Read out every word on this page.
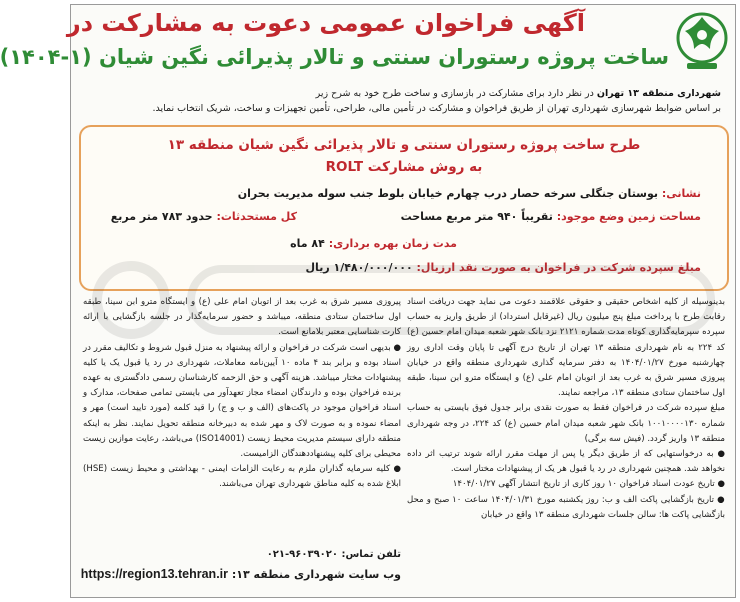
آگهی فراخوان عمومی دعوت به مشارکت در
ساخت پروژه رستوران سنتی و تالار پذیرائی نگین شیان (۱-۱۴۰۴)
شهرداری منطقه ۱۳ تهران در نظر دارد برای مشارکت در بازسازی و ساخت طرح خود به شرح زیر
بر اساس ضوابط شهرسازی شهرداری تهران از طریق فراخوان و مشارکت در تأمین مالی، طراحی، تأمین تجهیزات و ساخت، شریک انتخاب نماید.
طرح ساخت پروژه رستوران سنتی و تالار پذیرائی نگین شیان منطقه ۱۳
به روش مشارکت ROLT
نشانی: بوستان جنگلی سرخه حصار درب چهارم خیابان بلوط جنب سوله مدیریت بحران
مساحت زمین وضع موجود: تقریباً ۹۴۰ متر مربع مساحت
کل مستحدثات: حدود ۷۸۳ متر مربع
مدت زمان بهره برداری: ۸۴ ماه
مبلغ سپرده شرکت در فراخوان به صورت نقد ارزیال: ۱/۴۸۰/۰۰۰/۰۰۰ ریال

بدینوسیله از کلیه اشخاص حقیقی و حقوقی علاقمند دعوت می نماید جهت دریافت اسناد رقابت طرح با پرداخت مبلغ پنج میلیون ریال (غیرقابل استرداد) از طریق واریز به حساب سپرده سپرمایه‌گذاری کوتاه مدت شماره ۲۱۲۱ نزد بانک شهر شعبه میدان امام حسین (ع) کد ۲۲۴ به نام شهرداری منطقه ۱۳ تهران از تاریخ درج آگهی تا پایان وقت اداری روز چهارشنبه مورخ ۱۴۰۴/۰۱/۲۷ به دفتر سرمایه گذاری شهرداری منطقه واقع در خیابان پیروزی مسیر شرق به غرب بعد از اتوبان امام علی (ع) و ایستگاه مترو ابن سینا، طبقه اول ساختمان ستادی منطقه ۱۳، مراجعه نمایند.

مبلغ سپرده شرکت در فراخوان فقط به صورت نقدی برابر جدول فوق بایستی به حساب شماره ۱۰۰۱۰۰۰۰۱۳۰ بانک شهر شعبه میدان امام حسین (ع) کد ۲۲۴، در وجه شهرداری منطقه ۱۳ واریز گردد. (فیش سه برگی)

● به درخواستهایی که از طریق دیگر یا پس از مهلت مقرر ارائه شوند ترتیب اثر داده نخواهد شد. همچنین شهرداری در رد یا قبول هر یک از پیشنهادات مختار است.

● تاریخ عودت اسناد فراخوان ۱۰ روز کاری از تاریخ انتشار آگهی ۱۴۰۴/۰۱/۲۷

● تاریخ بازگشایی پاکت الف و ب: روز یکشنبه مورخ ۱۴۰۴/۰۱/۳۱ ساعت ۱۰ صبح و محل بازگشایی پاکت ها: سالن جلسات شهرداری منطقه ۱۳ واقع در خیابان

پیروزی مسیر شرق به غرب بعد از اتوبان امام علی (ع) و ایستگاه مترو ابن سینا، طبقه اول ساختمان ستادی منطقه، میباشد و حضور سرمایه‌گذار در جلسه بازگشایی با ارائه کارت شناسایی معتبر بلامانع است.

● بدیهی است شرکت در فراخوان و ارائه پیشنهاد به منزل قبول شروط و تکالیف مقرر در اسناد بوده و برابر بند ۴ ماده ۱۰ آیین‌نامه معاملات، شهرداری در رد یا قبول یک یا کلیه پیشنهادات مختار میباشد. هزینه آگهی و حق الزحمه کارشناسان رسمی دادگستری به عهده برنده فراخوان بوده و دارندگان امضاء مجاز تعهدآور می بایستی تمامی صفحات، مدارک و اسناد فراخوان موجود در پاکت‌های (الف و ب و ج) را قید کلمه (مورد تایید است) مهر و امضاء نموده و به صورت لاک و مهر شده به دبیرخانه منطقه تحویل نمایند. نظر به اینکه منطقه دارای سیستم مدیریت محیط زیست (ISO14001) می‌باشد، رعایت موازین زیست محیطی برای کلیه پیشنهاددهندگان الزامیست.

● کلیه سرمایه گذاران ملزم به رعایت الزامات ایمنی - بهداشتی و محیط زیست (HSE) ابلاغ شده به کلیه مناطق شهرداری تهران می‌باشند.

تلفن تماس: ۹۶۰۳۹۰۲۰-۰۲۱
وب سایت شهرداری منطقه ۱۳: https://region13.tehran.ir
